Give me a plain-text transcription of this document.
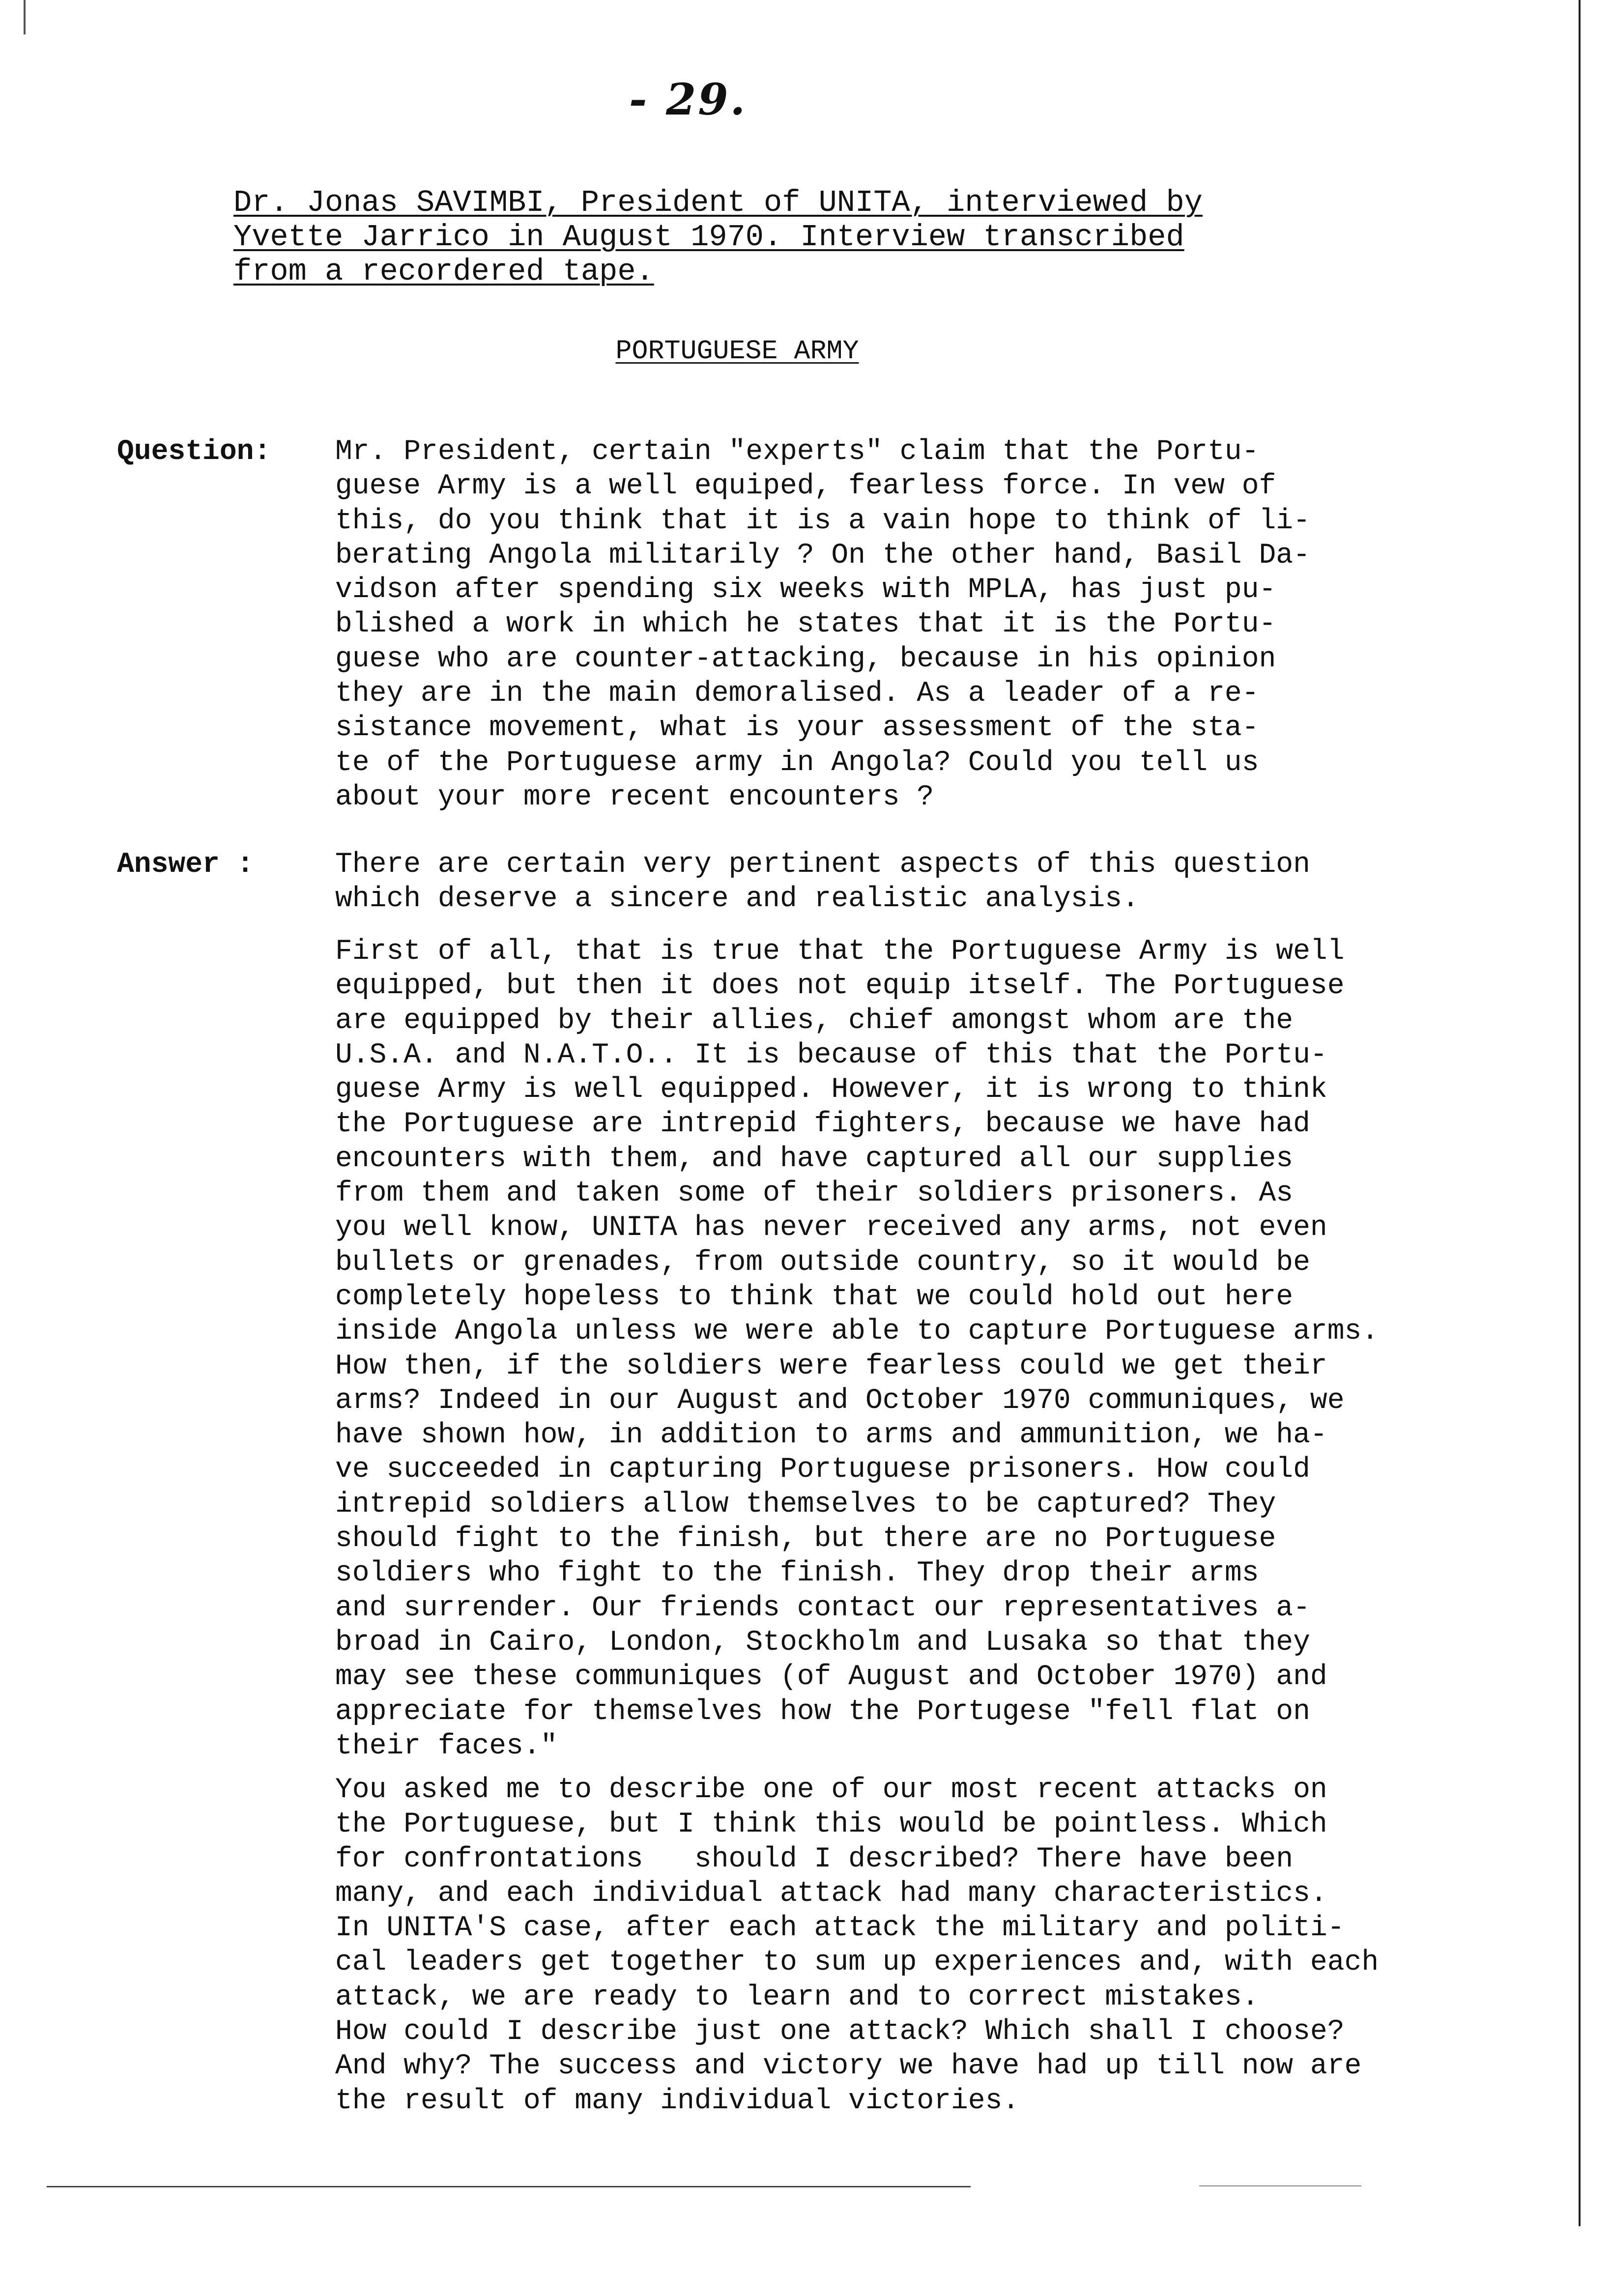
- 29.
Dr. Jonas SAVIMBI, President of UNITA, interviewed by
Yvette Jarrico in August 1970. Interview transcribed
from a recordered tape.
PORTUGUESE ARMY
Question: Mr. President, certain "experts" claim that the Portu-
guese Army is a well equiped, fearless force. In vew of
this, do you think that it is a vain hope to think of li-
berating Angola militarily ? On the other hand, Basil Da-
vidson after spending six weeks with MPLA, has just pu-
blished a work in which he states that it is the Portu-
guese who are counter-attacking, because in his opinion
they are in the main demoralised. As a leader of a re-
sistance movement, what is your assessment of the sta-
te of the Portuguese army in Angola? Could you tell us
about your more recent encounters ?
Answer :	There are certain very pertinent aspects of this question
which deserve a sincere and realistic analysis.
First of all, that is true that the Portuguese Army is well
equipped, but then it does not equip itself. The Portuguese
are equipped by their allies, chief amongst whom are the
U.S.A. and N.A.T.O.. It is because of this that the Portu-
guese Army is well equipped. However, it is wrong to think
the Portuguese are intrepid fighters, because we have had
encounters with them, and have captured all our supplies
from them and taken some of their soldiers prisoners. As
you well know, UNITA has never received any arms, not even
bullets or grenades, from outside country, so it would be
completely hopeless to think that we could hold out here
inside Angola unless we were able to capture Portuguese arms.
How then, if the soldiers were fearless could we get their
arms? Indeed in our August and October 1970 communiques, we
have shown how, in addition to arms and ammunition, we ha-
ve succeeded in capturing Portuguese prisoners. How could
intrepid soldiers allow themselves to be captured? They
should fight to the finish, but there are no Portuguese
soldiers who fight to the finish. They drop their arms
and surrender. Our friends contact our representatives a-
broad in Cairo, London, Stockholm and Lusaka so that they
may see these communiques (of August and October 1970) and
appreciate for themselves how the Portugese "fell flat on
their faces."
You asked me to describe one of our most recent attacks on
the Portuguese, but I think this would be pointless. Which
for confrontations   should I described? There have been
many, and each individual attack had many characteristics.
In UNITA'S case, after each attack the military and politi-
cal leaders get together to sum up experiences and, with each
attack, we are ready to learn and to correct mistakes.
How could I describe just one attack? Which shall I choose?
And why? The success and victory we have had up till now are
the result of many individual victories.
